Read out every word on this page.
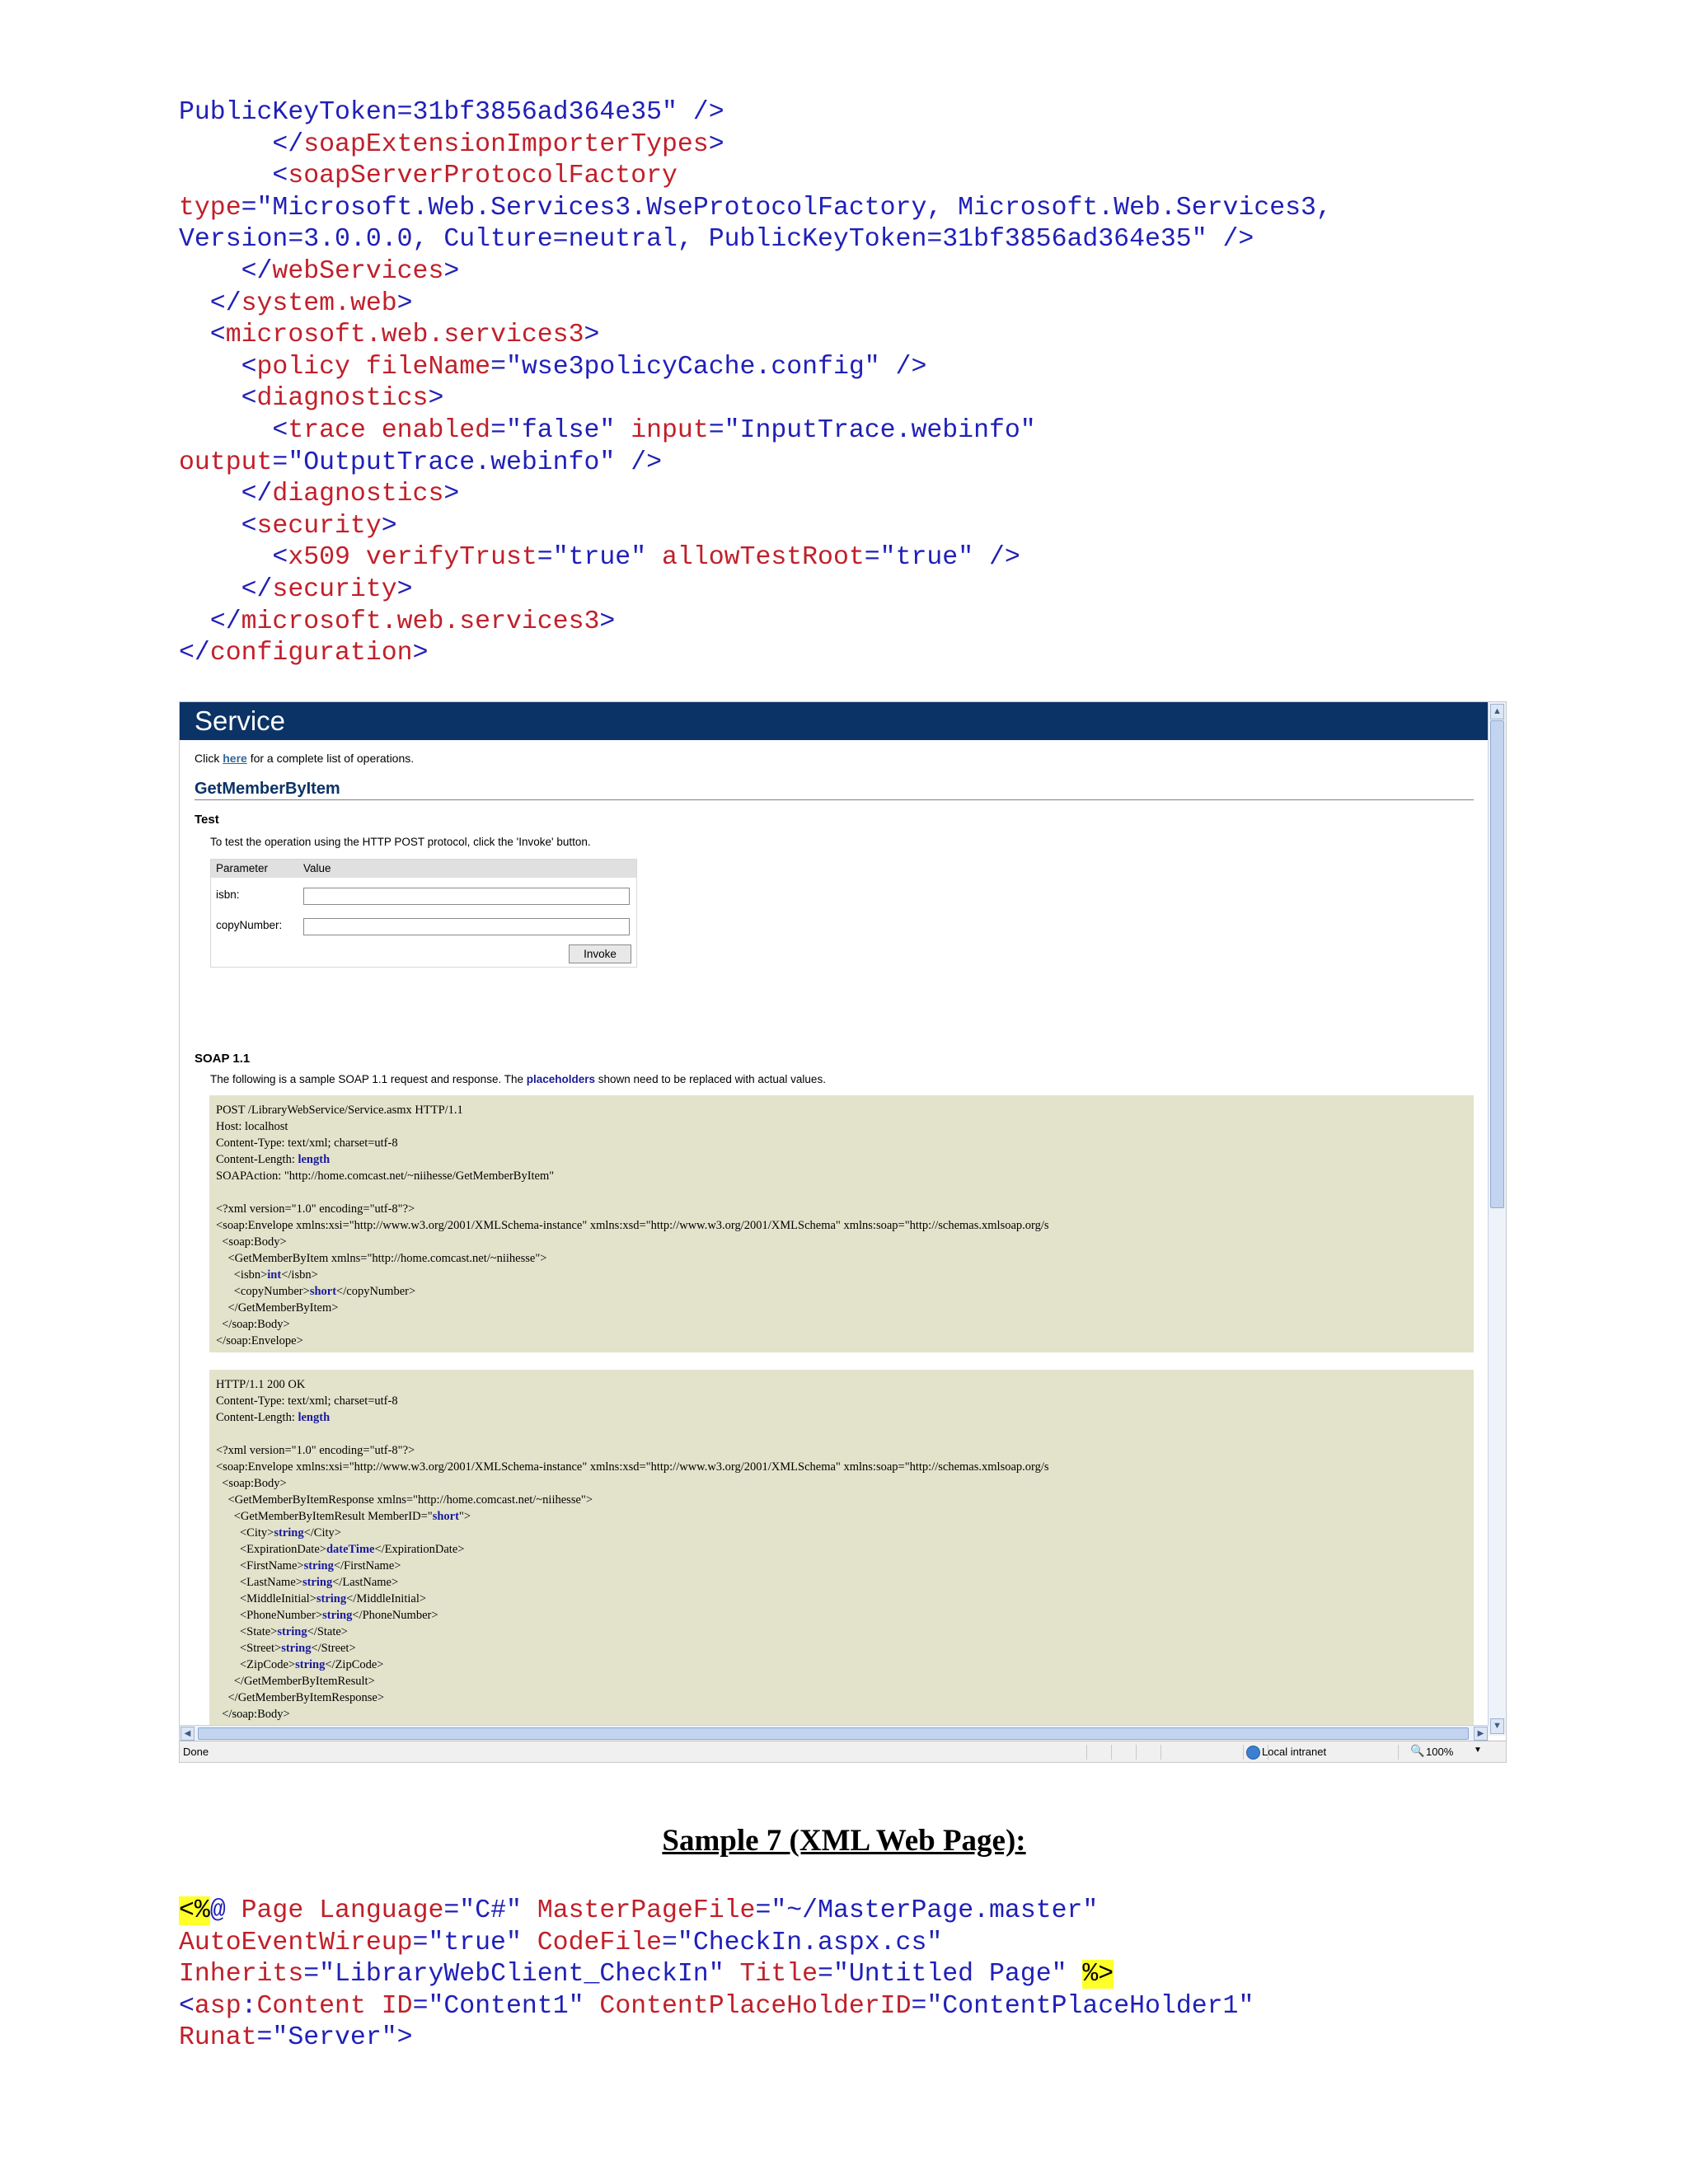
PublicKeyToken=31bf3856ad364e35" />
</soapExtensionImporterTypes>
<soapServerProtocolFactory
type="Microsoft.Web.Services3.WseProtocolFactory, Microsoft.Web.Services3,
Version=3.0.0.0, Culture=neutral, PublicKeyToken=31bf3856ad364e35" />
</webServices>
</system.web>
<microsoft.web.services3>
<policy fileName="wse3policyCache.config" />
<diagnostics>
<trace enabled="false" input="InputTrace.webinfo"
output="OutputTrace.webinfo" />
</diagnostics>
<security>
<x509 verifyTrust="true" allowTestRoot="true" />
</security>
</microsoft.web.services3>
</configuration>
Service	▲
▼
Click here for a complete list of operations.
GetMemberByItem
Test
To test the operation using the HTTP POST protocol, click the 'Invoke' button.
Parameter	Value
isbn:
copyNumber:
Invoke
SOAP 1.1
The following is a sample SOAP 1.1 request and response. The placeholders shown need to be replaced with actual values.
POST /LibraryWebService/Service.asmx HTTP/1.1
Host: localhost
Content-Type: text/xml; charset=utf-8
Content-Length: length
SOAPAction: "http://home.comcast.net/~niihesse/GetMemberByItem"
<?xml version="1.0" encoding="utf-8"?>
<soap:Envelope xmlns:xsi="http://www.w3.org/2001/XMLSchema-instance" xmlns:xsd="http://www.w3.org/2001/XMLSchema" xmlns:soap="http://schemas.xmlsoap.org/s
<soap:Body>
<GetMemberByItem xmlns="http://home.comcast.net/~niihesse">
<isbn>int</isbn>
<copyNumber>short</copyNumber>
</GetMemberByItem>
</soap:Body>
</soap:Envelope>
HTTP/1.1 200 OK
Content-Type: text/xml; charset=utf-8
Content-Length: length
<?xml version="1.0" encoding="utf-8"?>
<soap:Envelope xmlns:xsi="http://www.w3.org/2001/XMLSchema-instance" xmlns:xsd="http://www.w3.org/2001/XMLSchema" xmlns:soap="http://schemas.xmlsoap.org/s
<soap:Body>
<GetMemberByItemResponse xmlns="http://home.comcast.net/~niihesse">
<GetMemberByItemResult MemberID="short">
<City>string</City>
<ExpirationDate>dateTime</ExpirationDate>
<FirstName>string</FirstName>
<LastName>string</LastName>
<MiddleInitial>string</MiddleInitial>
<PhoneNumber>string</PhoneNumber>
<State>string</State>
<Street>string</Street>
<ZipCode>string</ZipCode>
</GetMemberByItemResult>
</GetMemberByItemResponse>
</soap:Body>
◀	▶
Done	Local intranet	🔍 100% ▼
Sample 7 (XML Web Page):
<%@ Page Language="C#" MasterPageFile="~/MasterPage.master"
AutoEventWireup="true" CodeFile="CheckIn.aspx.cs"
Inherits="LibraryWebClient_CheckIn" Title="Untitled Page" %>
<asp:Content ID="Content1" ContentPlaceHolderID="ContentPlaceHolder1"
Runat="Server">
